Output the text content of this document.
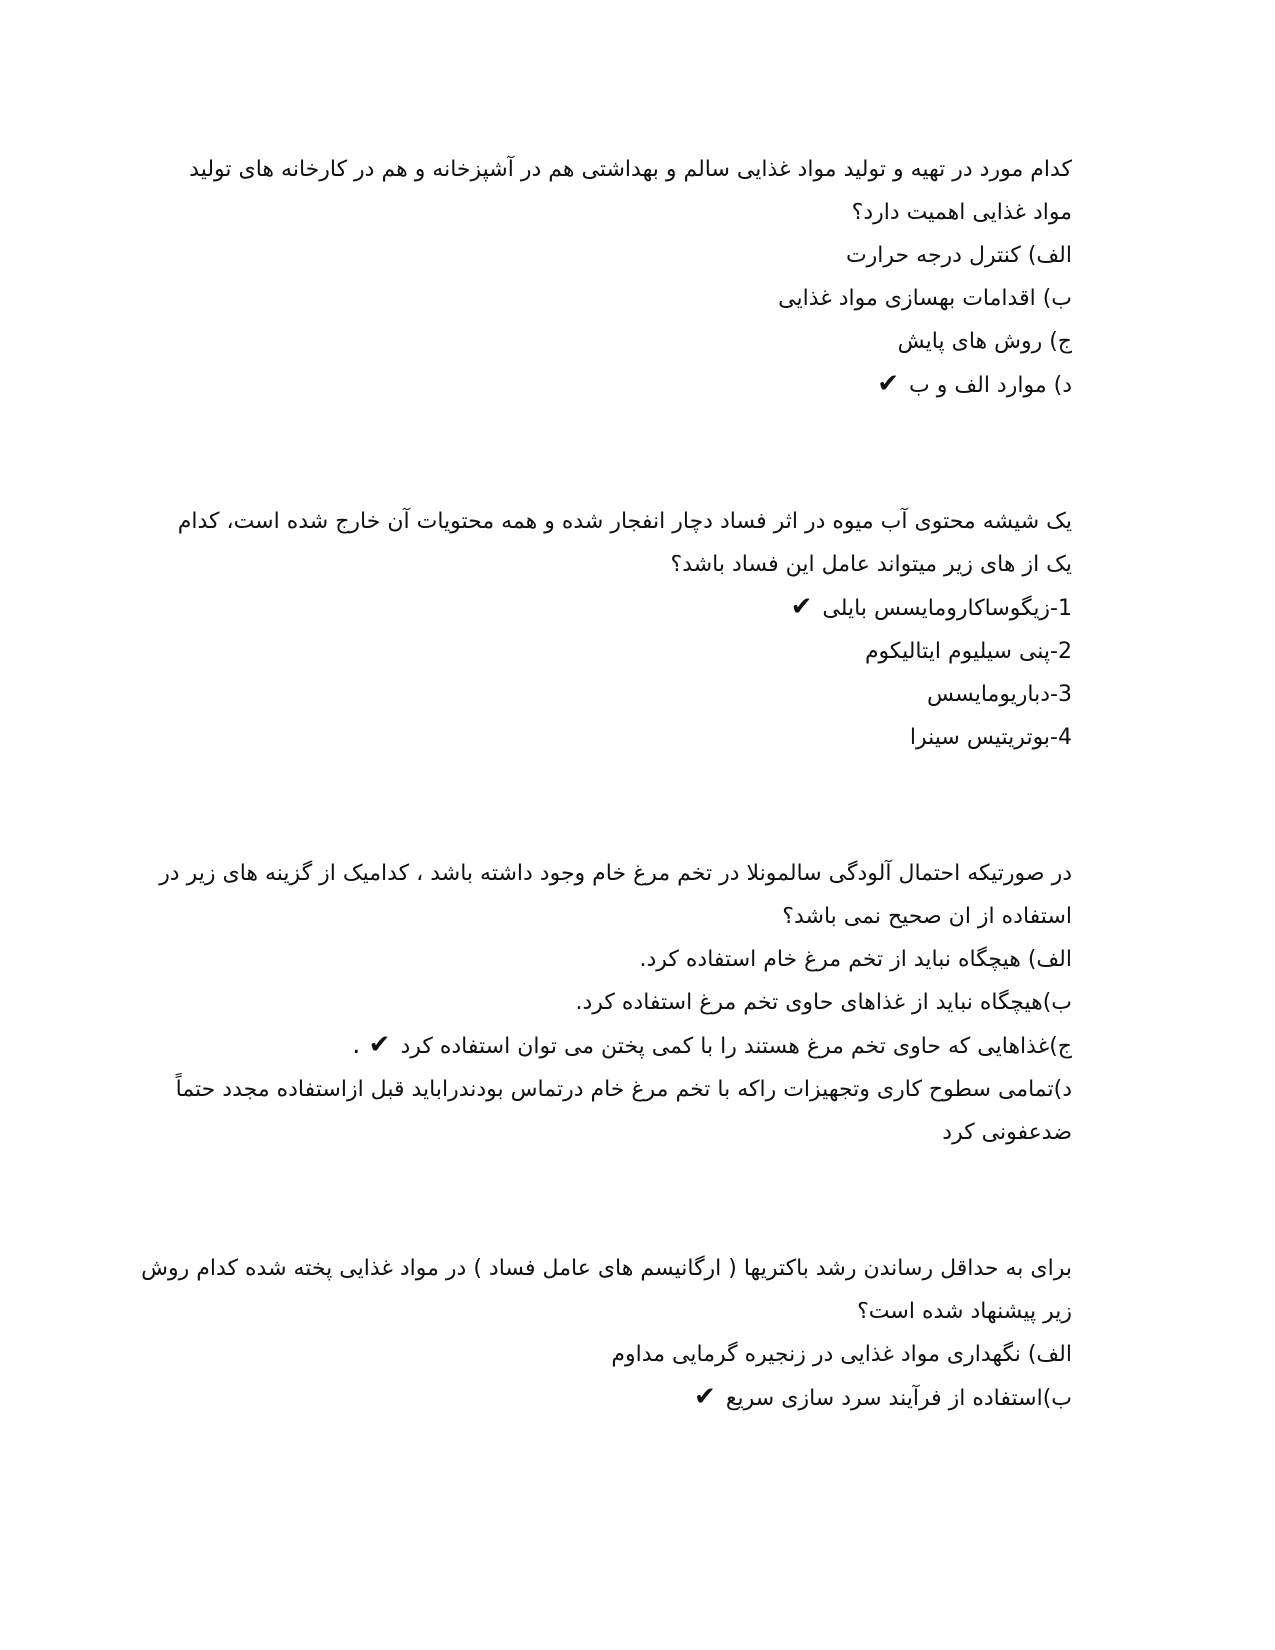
کدام مورد در تهیه و تولید مواد غذایی سالم و بهداشتی هم در آشپزخانه و هم در کارخانه های تولید مواد غذایی اهمیت دارد؟
الف) کنترل درجه حرارت
ب) اقدامات بهسازی مواد غذایی
ج) روش های پایش
د) موارد الف و ب✔
یک شیشه محتوی آب میوه در اثر فساد دچار انفجار شده و همه محتویات آن خارج شده است، کدام یک از های زیر میتواند عامل این فساد باشد؟
1-زیگوساکارومایسس بایلی✔
2-پنی سیلیوم ایتالیکوم
3-دباریومایسس
4-بوتریتیس سینرا
در صورتیکه احتمال آلودگی سالمونلا در تخم مرغ خام وجود داشته باشد ، کدامیک از گزینه های زیر در استفاده از ان صحیح نمی باشد؟
الف) هیچگاه نباید از تخم مرغ خام استفاده کرد.
ب)هیچگاه نباید از غذاهای حاوی تخم مرغ استفاده کرد.
ج)غذاهایی که حاوی تخم مرغ هستند را با کمی پختن می توان استفاده کرد✔ .
د)تمامی سطوح کاری وتجهیزات راکه با تخم مرغ خام درتماس بودندرابايد قبل ازاستفاده مجدد حتماً ضدعفونی کرد
برای به حداقل رساندن رشد باکتریها ( ارگانیسم های عامل فساد ) در مواد غذایی پخته شده کدام روش زیر پیشنهاد شده است؟
الف) نگهداری مواد غذایی در زنجیره گرمایی مداوم
ب)استفاده از فرآیند سرد سازی سریع✔
